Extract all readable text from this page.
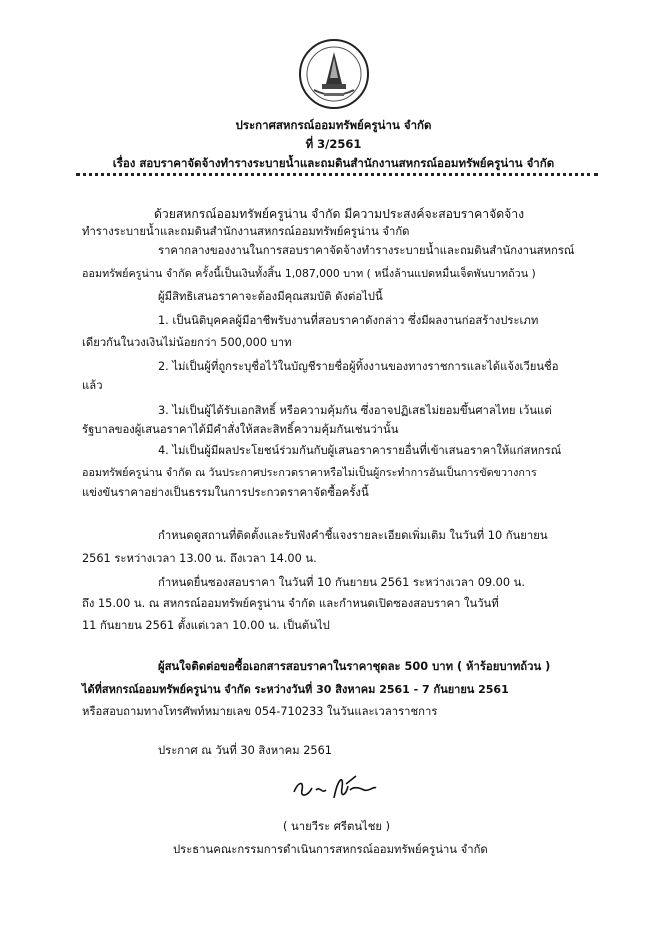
ประกาศสหกรณ์ออมทรัพย์ครูน่าน จำกัด
ที่ 3/2561
เรื่อง สอบราคาจัดจ้างทำรางระบายน้ำและถมดินสำนักงานสหกรณ์ออมทรัพย์ครูน่าน จำกัด
ด้วยสหกรณ์ออมทรัพย์ครูน่าน จำกัด มีความประสงค์จะสอบราคาจัดจ้าง
ทำรางระบายน้ำและถมดินสำนักงานสหกรณ์ออมทรัพย์ครูน่าน จำกัด
ราคากลางของงานในการสอบราคาจัดจ้างทำรางระบายน้ำและถมดินสำนักงานสหกรณ์
ออมทรัพย์ครูน่าน จำกัด ครั้งนี้เป็นเงินทั้งสิ้น 1,087,000 บาท ( หนึ่งล้านแปดหมื่นเจ็ดพันบาทถ้วน )
ผู้มีสิทธิเสนอราคาจะต้องมีคุณสมบัติ ดังต่อไปนี้
1. เป็นนิติบุคคลผู้มีอาชีพรับงานที่สอบราคาดังกล่าว ซึ่งมีผลงานก่อสร้างประเภท
เดียวกันในวงเงินไม่น้อยกว่า 500,000 บาท
2. ไม่เป็นผู้ที่ถูกระบุชื่อไว้ในบัญชีรายชื่อผู้ทิ้งงานของทางราชการและได้แจ้งเวียนชื่อ
แล้ว
3. ไม่เป็นผู้ได้รับเอกสิทธิ์ หรือความคุ้มกัน ซึ่งอาจปฏิเสธไม่ยอมขึ้นศาลไทย เว้นแต่
รัฐบาลของผู้เสนอราคาได้มีคำสั่งให้สละสิทธิ์ความคุ้มกันเช่นว่านั้น
4. ไม่เป็นผู้มีผลประโยชน์ร่วมกันกับผู้เสนอราคารายอื่นที่เข้าเสนอราคาให้แก่สหกรณ์
ออมทรัพย์ครูน่าน จำกัด ณ วันประกาศประกวดราคาหรือไม่เป็นผู้กระทำการอันเป็นการขัดขวางการ
แข่งขันราคาอย่างเป็นธรรมในการประกวดราคาจัดซื้อครั้งนี้
กำหนดดูสถานที่ติดตั้งและรับฟังคำชี้แจงรายละเอียดเพิ่มเติม ในวันที่ 10 กันยายน
2561 ระหว่างเวลา 13.00 น. ถึงเวลา 14.00 น.
กำหนดยื่นซองสอบราคา ในวันที่ 10 กันยายน 2561 ระหว่างเวลา 09.00 น.
ถึง 15.00 น. ณ สหกรณ์ออมทรัพย์ครูน่าน จำกัด และกำหนดเปิดซองสอบราคา ในวันที่
11 กันยายน 2561 ตั้งแต่เวลา 10.00 น. เป็นต้นไป
ผู้สนใจติดต่อขอซื้อเอกสารสอบราคาในราคาชุดละ 500 บาท ( ห้าร้อยบาทถ้วน )
ได้ที่สหกรณ์ออมทรัพย์ครูน่าน จำกัด ระหว่างวันที่ 30 สิงหาคม 2561 - 7 กันยายน 2561
หรือสอบถามทางโทรศัพท์หมายเลข 054-710233 ในวันและเวลาราชการ
ประกาศ ณ วันที่ 30 สิงหาคม 2561
( นายวีระ ศรีตนไชย )
ประธานคณะกรรมการดำเนินการสหกรณ์ออมทรัพย์ครูน่าน จำกัด
